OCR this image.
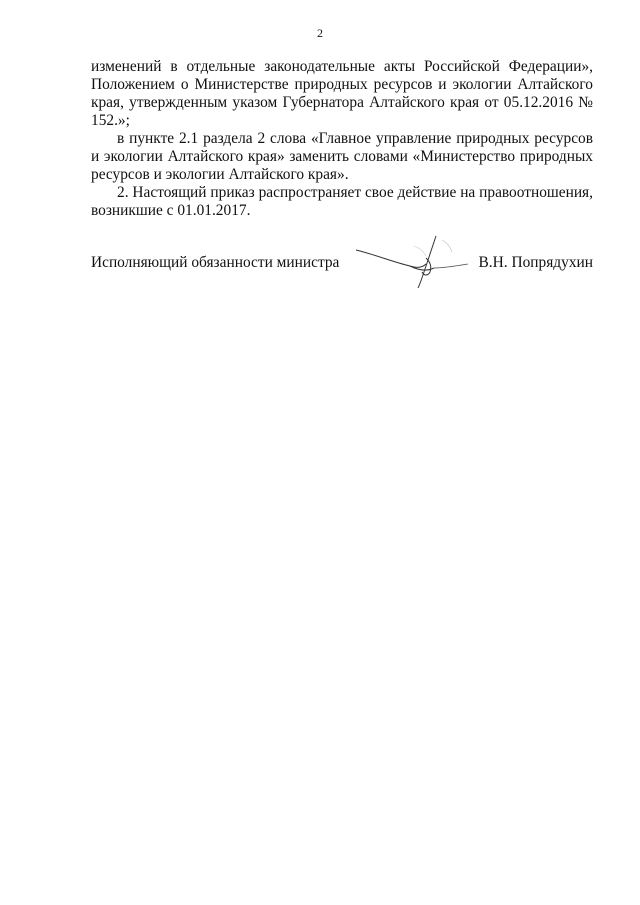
2

изменений в отдельные законодательные акты Российской Федерации», Положением о Министерстве природных ресурсов и экологии Алтайского края, утвержденным указом Губернатора Алтайского края от 05.12.2016 № 152.»;

в пункте 2.1 раздела 2 слова «Главное управление природных ресурсов и экологии Алтайского края» заменить словами «Министерство природных ресурсов и экологии Алтайского края».

2. Настоящий приказ распространяет свое действие на правоотношения, возникшие с 01.01.2017.

Исполняющий обязанности министра	В.Н. Попрядухин
